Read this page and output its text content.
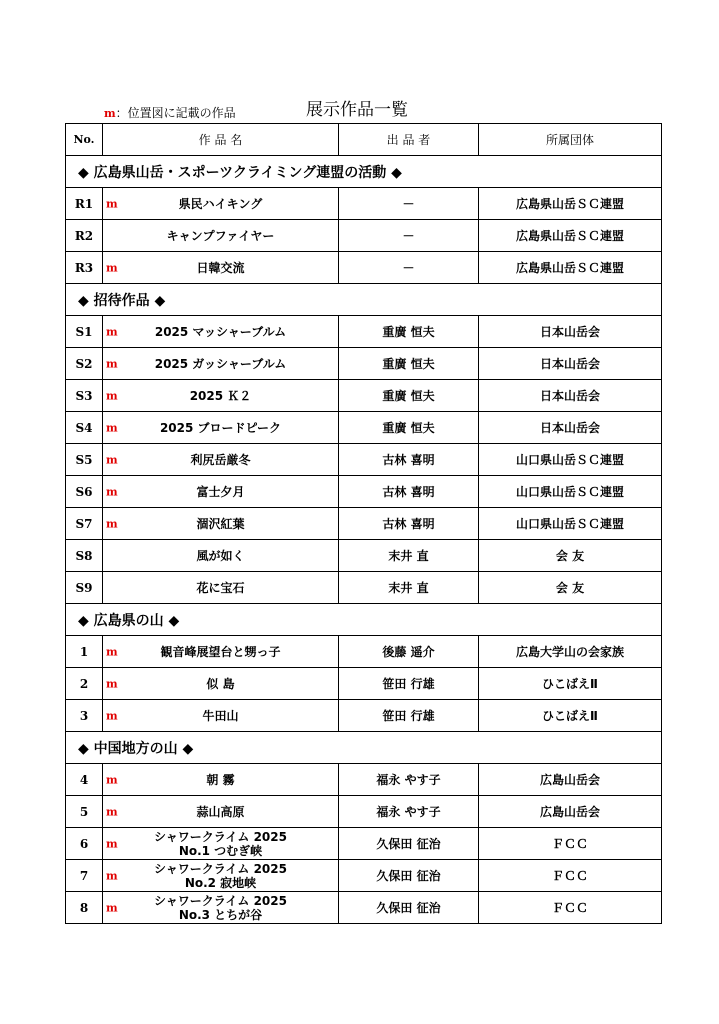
m：位置図に記載の作品	展示作品一覧
No.	作 品 名	出 品 者	所属団体
◆ 広島県山岳・スポーツクライミング連盟の活動 ◆			
R1	m 県民ハイキング	－	広島県山岳ＳＣ連盟
R2	キャンプファイヤー	－	広島県山岳ＳＣ連盟
R3	m 日韓交流	－	広島県山岳ＳＣ連盟
◆ 招待作品 ◆			
S1	m 2025 マッシャーブルム	重廣 恒夫	日本山岳会
S2	m 2025 ガッシャーブルム	重廣 恒夫	日本山岳会
S3	m 2025 Ｋ２	重廣 恒夫	日本山岳会
S4	m 2025 ブロードピーク	重廣 恒夫	日本山岳会
S5	m 利尻岳厳冬	古林 喜明	山口県山岳ＳＣ連盟
S6	m 富士夕月	古林 喜明	山口県山岳ＳＣ連盟
S7	m 涸沢紅葉	古林 喜明	山口県山岳ＳＣ連盟
S8	風が如く	末井 直	会 友
S9	花に宝石	末井 直	会 友
◆ 広島県の山 ◆			
1	m 観音峰展望台と甥っ子	後藤 遥介	広島大学山の会家族
2	m 似 島	笹田 行雄	ひこばえⅡ
3	m 牛田山	笹田 行雄	ひこばえⅡ
◆ 中国地方の山 ◆			
4	m 朝 霧	福永 やす子	広島山岳会
5	m 蒜山高原	福永 やす子	広島山岳会
6	m シャワークライム 2025
No.1 つむぎ峡	久保田 征治	ＦＣＣ
7	m シャワークライム 2025
No.2 寂地峡	久保田 征治	ＦＣＣ
8	m シャワークライム 2025
No.3 とちが谷	久保田 征治	ＦＣＣ
